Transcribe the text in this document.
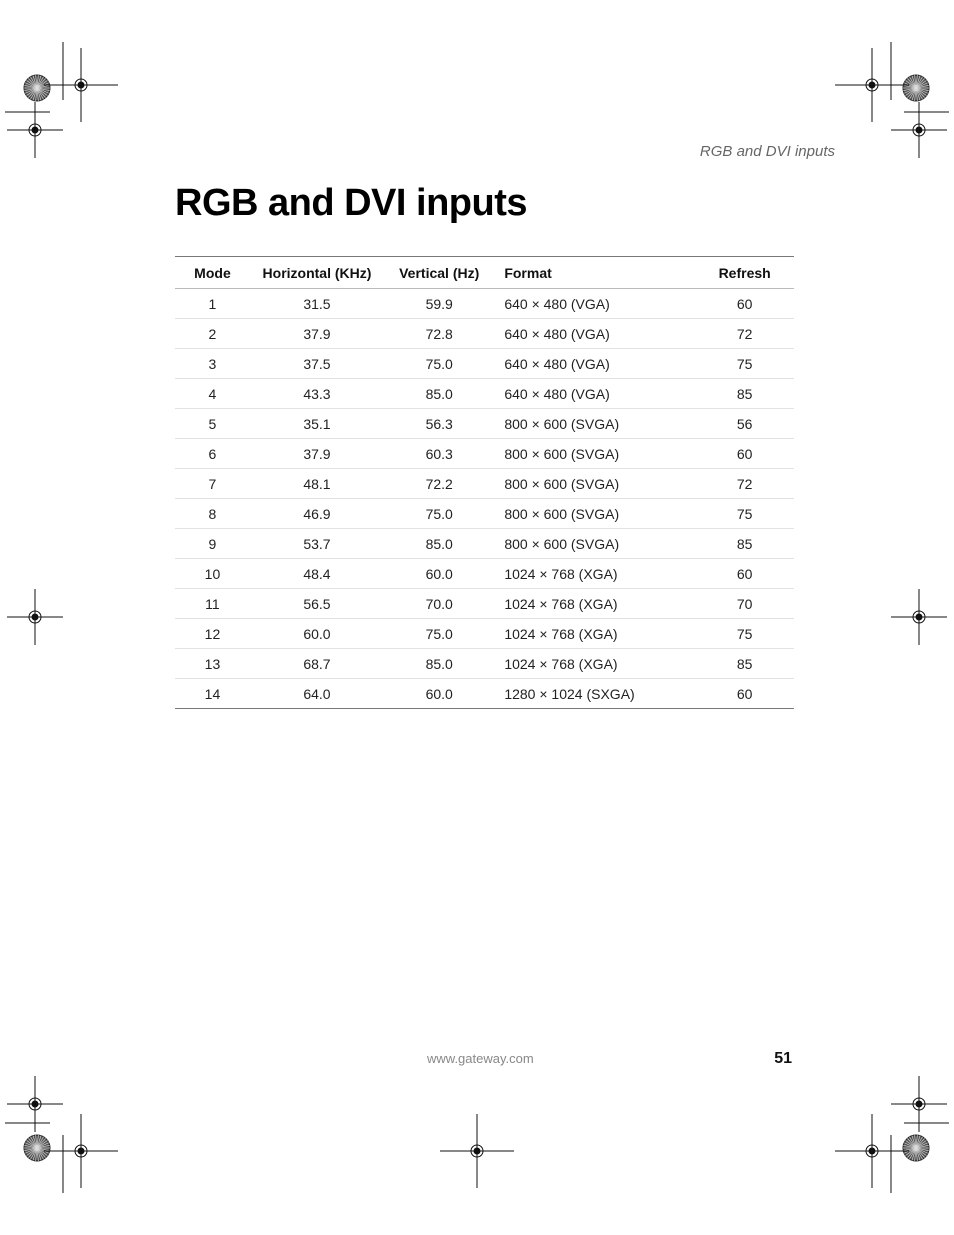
RGB and DVI inputs
RGB and DVI inputs
Mode	Horizontal (KHz)	Vertical (Hz)	Format	Refresh
1	31.5	59.9	640 × 480 (VGA)	60
2	37.9	72.8	640 × 480 (VGA)	72
3	37.5	75.0	640 × 480 (VGA)	75
4	43.3	85.0	640 × 480 (VGA)	85
5	35.1	56.3	800 × 600 (SVGA)	56
6	37.9	60.3	800 × 600 (SVGA)	60
7	48.1	72.2	800 × 600 (SVGA)	72
8	46.9	75.0	800 × 600 (SVGA)	75
9	53.7	85.0	800 × 600 (SVGA)	85
10	48.4	60.0	1024 × 768 (XGA)	60
11	56.5	70.0	1024 × 768 (XGA)	70
12	60.0	75.0	1024 × 768 (XGA)	75
13	68.7	85.0	1024 × 768 (XGA)	85
14	64.0	60.0	1280 × 1024 (SXGA)	60
www.gateway.com	51
